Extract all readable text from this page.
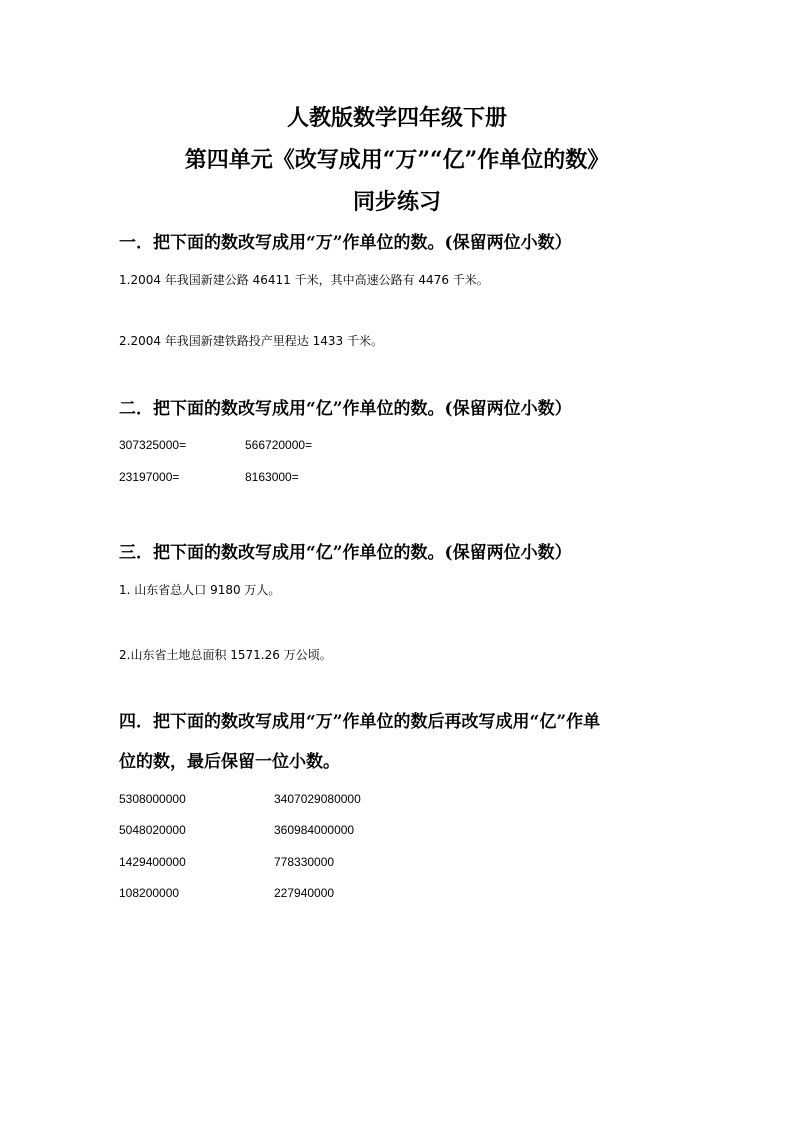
人教版数学四年级下册
第四单元《改写成用“万”“亿”作单位的数》
同步练习
一．把下面的数改写成用“万”作单位的数。(保留两位小数）
1.2004 年我国新建公路 46411 千米，其中高速公路有 4476 千米。
2.2004 年我国新建铁路投产里程达 1433 千米。
二．把下面的数改写成用“亿”作单位的数。(保留两位小数）
307325000=	566720000=
23197000=	8163000=
三．把下面的数改写成用“亿”作单位的数。(保留两位小数）
1. 山东省总人口 9180 万人。
2.山东省土地总面积 1571.26 万公顷。
四．把下面的数改写成用“万”作单位的数后再改写成用“亿”作单
位的数，最后保留一位小数。
5308000000	3407029080000
5048020000	360984000000
1429400000	778330000
108200000	227940000
